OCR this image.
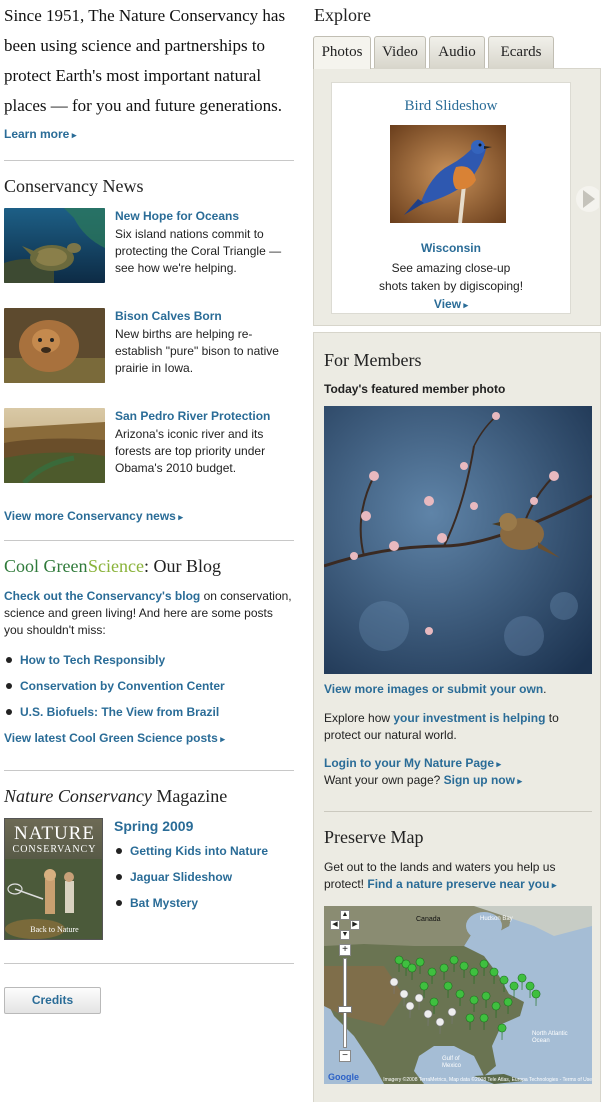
Since 1951, The Nature Conservancy has been using science and partnerships to protect Earth's most important natural places — for you and future generations.

Learn more ▸
Conservancy News
New Hope for Oceans
Six island nations commit to protecting the Coral Triangle — see how we're helping.
Bison Calves Born
New births are helping re-establish "pure" bison to native prairie in Iowa.
San Pedro River Protection
Arizona's iconic river and its forests are top priority under Obama's 2010 budget.
View more Conservancy news ▸
Cool Green Science: Our Blog
Check out the Conservancy's blog on conservation, science and green living! And here are some posts you shouldn't miss:
How to Tech Responsibly
Conservation by Convention Center
U.S. Biofuels: The View from Brazil
View latest Cool Green Science posts ▸
Nature Conservancy Magazine
NATURE
CONSERVANCY
Back to Nature
Spring 2009
Getting Kids into Nature
Jaguar Slideshow
Bat Mystery
Credits
Explore
Photos	Video	Audio	Ecards
Bird Slideshow
Wisconsin
See amazing close-up shots taken by digiscoping! View ▸
For Members
Today's featured member photo
View more images or submit your own.
Explore how your investment is helping to protect our natural world.
Login to your My Nature Page ▸
Want your own page? Sign up now ▸
Preserve Map
Get out to the lands and waters you help us protect! Find a nature preserve near you ▸
▲
◀	▶
▼
+
−
Canada	Hudson Bay
North Atlantic Ocean
Gulf of Mexico
Google	Imagery ©2008 TerraMetrics, Map data ©2008 Tele Atlas, Europa Technologies - Terms of Use
